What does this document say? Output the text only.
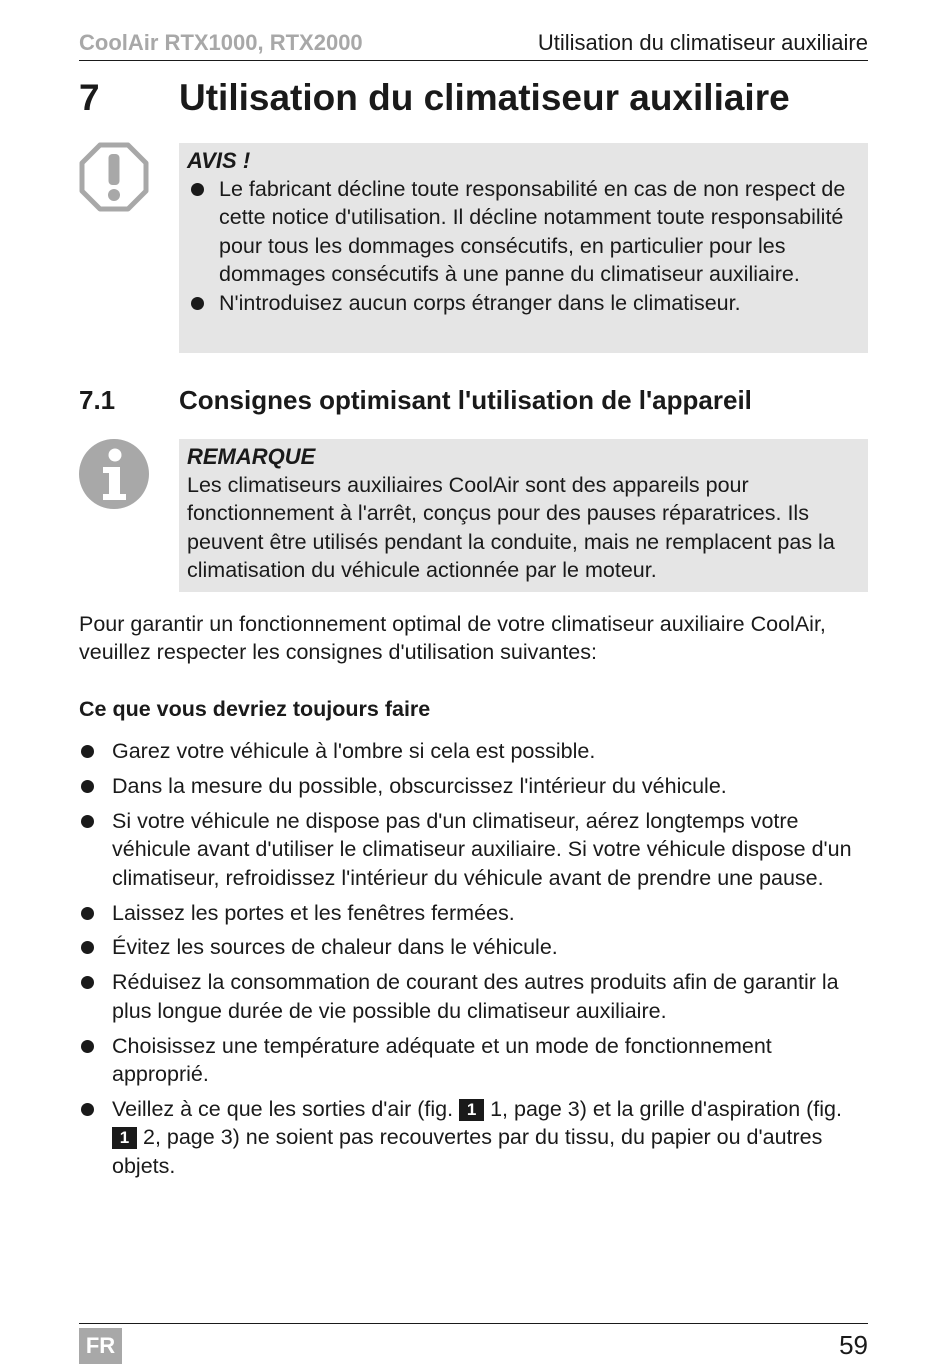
CoolAir RTX1000, RTX2000	Utilisation du climatiseur auxiliaire
7 Utilisation du climatiseur auxiliaire
AVIS !
Le fabricant décline toute responsabilité en cas de non respect de cette notice d'utilisation. Il décline notamment toute responsabilité pour tous les dommages consécutifs, en particulier pour les dommages consécutifs à une panne du climatiseur auxiliaire.
N'introduisez aucun corps étranger dans le climatiseur.
7.1 Consignes optimisant l'utilisation de l'appareil
REMARQUE
Les climatiseurs auxiliaires CoolAir sont des appareils pour fonctionnement à l'arrêt, conçus pour des pauses réparatrices. Ils peuvent être utilisés pendant la conduite, mais ne remplacent pas la climatisation du véhicule actionnée par le moteur.
Pour garantir un fonctionnement optimal de votre climatiseur auxiliaire CoolAir, veuillez respecter les consignes d'utilisation suivantes:
Ce que vous devriez toujours faire
Garez votre véhicule à l'ombre si cela est possible.
Dans la mesure du possible, obscurcissez l'intérieur du véhicule.
Si votre véhicule ne dispose pas d'un climatiseur, aérez longtemps votre véhicule avant d'utiliser le climatiseur auxiliaire. Si votre véhicule dispose d'un climatiseur, refroidissez l'intérieur du véhicule avant de prendre une pause.
Laissez les portes et les fenêtres fermées.
Évitez les sources de chaleur dans le véhicule.
Réduisez la consommation de courant des autres produits afin de garantir la plus longue durée de vie possible du climatiseur auxiliaire.
Choisissez une température adéquate et un mode de fonctionnement approprié.
Veillez à ce que les sorties d'air (fig. 1 1, page 3) et la grille d'aspiration (fig. 1 2, page 3) ne soient pas recouvertes par du tissu, du papier ou d'autres objets.
FR	59
